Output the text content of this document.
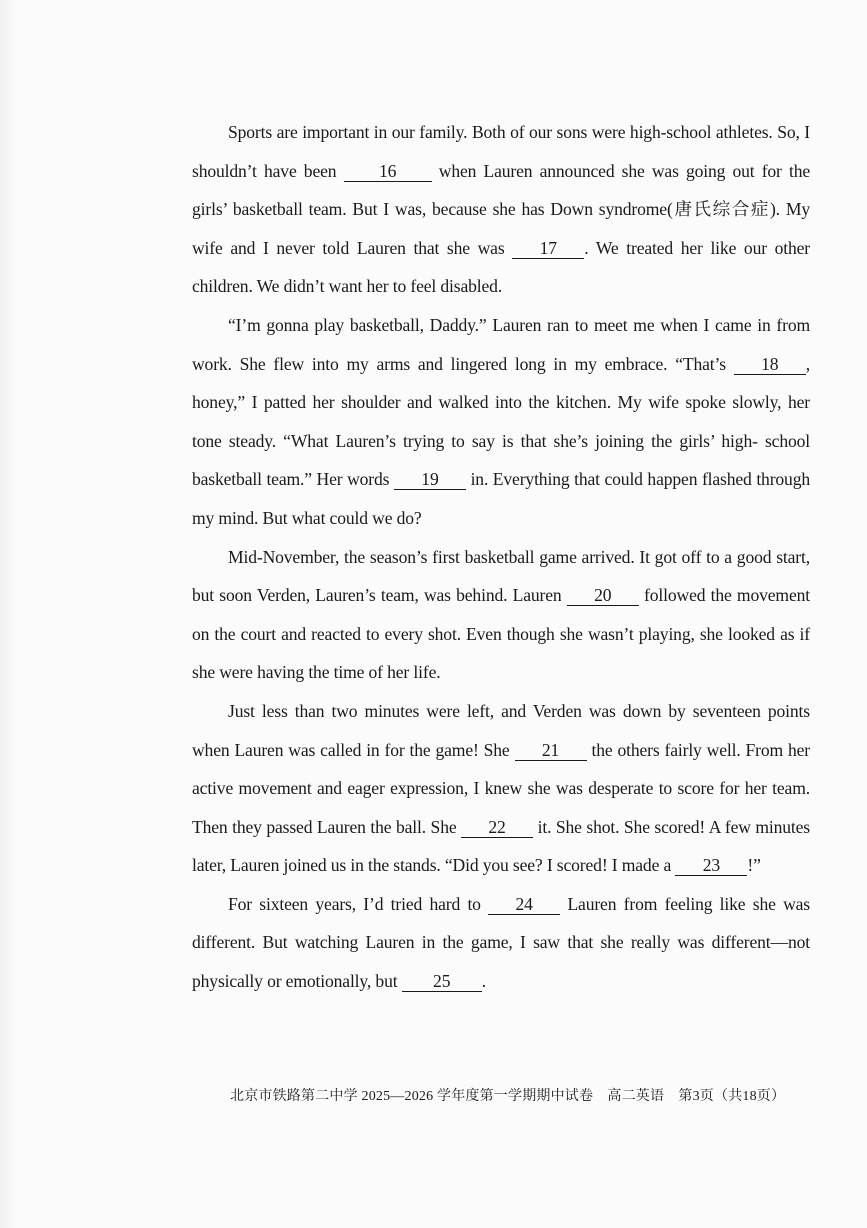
Sports are important in our family. Both of our sons were high-school athletes. So, I shouldn’t have been 16 when Lauren announced she was going out for the girls’ basketball team. But I was, because she has Down syndrome(唐氏综合症). My wife and I never told Lauren that she was 17 . We treated her like our other children. We didn’t want her to feel disabled.

“I’m gonna play basketball, Daddy.” Lauren ran to meet me when I came in from work. She flew into my arms and lingered long in my embrace. “That’s 18 , honey,” I patted her shoulder and walked into the kitchen. My wife spoke slowly, her tone steady. “What Lauren’s trying to say is that she’s joining the girls’ high- school basketball team.” Her words 19 in. Everything that could happen flashed through my mind. But what could we do?

Mid-November, the season’s first basketball game arrived. It got off to a good start, but soon Verden, Lauren’s team, was behind. Lauren 20 followed the movement on the court and reacted to every shot. Even though she wasn’t playing, she looked as if she were having the time of her life.

Just less than two minutes were left, and Verden was down by seventeen points when Lauren was called in for the game! She 21 the others fairly well. From her active movement and eager expression, I knew she was desperate to score for her team. Then they passed Lauren the ball. She 22 it. She shot. She scored! A few minutes later, Lauren joined us in the stands. “Did you see? I scored! I made a 23 !”

For sixteen years, I’d tried hard to 24 Lauren from feeling like she was different. But watching Lauren in the game, I saw that she really was different—not physically or emotionally, but 25 .

北京市铁路第二中学 2025—2026 学年度第一学期期中试卷　高二英语　第3页（共18页）
